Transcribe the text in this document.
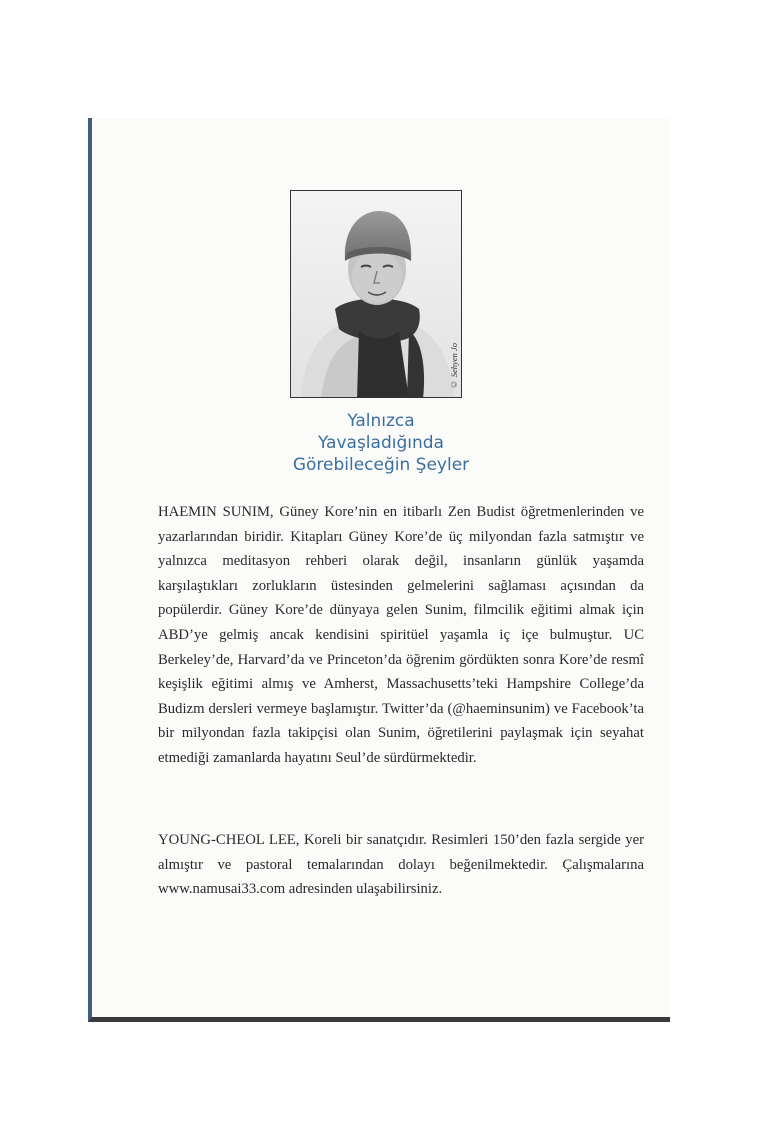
© Sehyen Jo
Yalnızca
Yavaşladığında
Görebileceğin Şeyler

HAEMIN SUNIM, Güney Kore’nin en itibarlı Zen Budist öğretmenlerinden ve yazarlarından biridir. Kitapları Güney Kore’de üç milyondan fazla satmıştır ve yalnızca meditasyon rehberi olarak değil, insanların günlük yaşamda karşılaştıkları zorlukların üstesinden gelmelerini sağlaması açısından da popülerdir. Güney Kore’de dünyaya gelen Sunim, filmcilik eğitimi almak için ABD’ye gelmiş ancak kendisini spiritüel yaşamla iç içe bulmuştur. UC Berkeley’de, Harvard’da ve Princeton’da öğrenim gördükten sonra Kore’de resmî keşişlik eğitimi almış ve Amherst, Massachusetts’teki Hampshire College’da Budizm dersleri vermeye başlamıştır. Twitter’da (@haeminsunim) ve Facebook’ta bir milyondan fazla takipçisi olan Sunim, öğretilerini paylaşmak için seyahat etmediği zamanlarda hayatını Seul’de sürdürmektedir.

YOUNG-CHEOL LEE, Koreli bir sanatçıdır. Resimleri 150’den fazla sergide yer almıştır ve pastoral temalarından dolayı beğenilmektedir. Çalışmalarına www.namusai33.com adresinden ulaşabilirsiniz.
